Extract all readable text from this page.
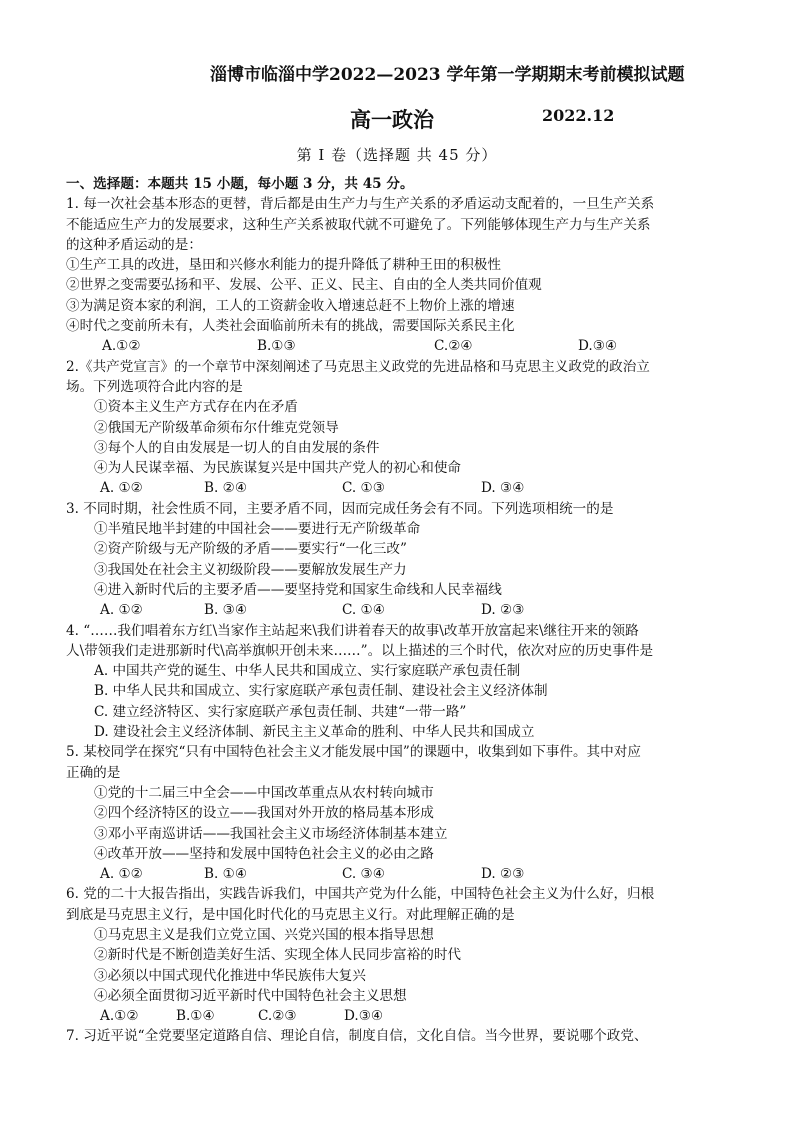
淄博市临淄中学2022—2023 学年第一学期期末考前模拟试题
高一政治	2022.12
第 I 卷（选择题 共 45 分）
一、选择题：本题共 15 小题，每小题 3 分，共 45 分。
1. 每一次社会基本形态的更替，背后都是由生产力与生产关系的矛盾运动支配着的，一旦生产关系
不能适应生产力的发展要求，这种生产关系被取代就不可避免了。下列能够体现生产力与生产关系
的这种矛盾运动的是：
①生产工具的改进，垦田和兴修水利能力的提升降低了耕种王田的积极性
②世界之变需要弘扬和平、发展、公平、正义、民主、自由的全人类共同价值观
③为满足资本家的利润，工人的工资薪金收入增速总赶不上物价上涨的增速
④时代之变前所未有，人类社会面临前所未有的挑战，需要国际关系民主化
A.①②	B.①③	C.②④	D.③④
2.《共产党宣言》的一个章节中深刻阐述了马克思主义政党的先进品格和马克思主义政党的政治立
场。下列选项符合此内容的是
①资本主义生产方式存在内在矛盾
②俄国无产阶级革命须布尔什维克党领导
③每个人的自由发展是一切人的自由发展的条件
④为人民谋幸福、为民族谋复兴是中国共产党人的初心和使命
A. ①②	B. ②④	C. ①③	D. ③④
3. 不同时期，社会性质不同，主要矛盾不同，因而完成任务会有不同。下列选项相统一的是
①半殖民地半封建的中国社会——要进行无产阶级革命
②资产阶级与无产阶级的矛盾——要实行“一化三改”
③我国处在社会主义初级阶段——要解放发展生产力
④进入新时代后的主要矛盾——要坚持党和国家生命线和人民幸福线
A. ①②	B. ③④	C. ①④	D. ②③
4. “……我们唱着东方红\当家作主站起来\我们讲着春天的故事\改革开放富起来\继往开来的领路
人\带领我们走进那新时代\高举旗帜开创未来……”。以上描述的三个时代，依次对应的历史事件是
A. 中国共产党的诞生、中华人民共和国成立、实行家庭联产承包责任制
B. 中华人民共和国成立、实行家庭联产承包责任制、建设社会主义经济体制
C. 建立经济特区、实行家庭联产承包责任制、共建“一带一路”
D. 建设社会主义经济体制、新民主主义革命的胜利、中华人民共和国成立
5. 某校同学在探究“只有中国特色社会主义才能发展中国”的课题中，收集到如下事件。其中对应
正确的是
①党的十二届三中全会——中国改革重点从农村转向城市
②四个经济特区的设立——我国对外开放的格局基本形成
③邓小平南巡讲话——我国社会主义市场经济体制基本建立
④改革开放——坚持和发展中国特色社会主义的必由之路
A. ①②	B. ①④	C. ③④	D. ②③
6. 党的二十大报告指出，实践告诉我们，中国共产党为什么能，中国特色社会主义为什么好，归根
到底是马克思主义行，是中国化时代化的马克思主义行。对此理解正确的是
①马克思主义是我们立党立国、兴党兴国的根本指导思想
②新时代是不断创造美好生活、实现全体人民同步富裕的时代
③必须以中国式现代化推进中华民族伟大复兴
④必须全面贯彻习近平新时代中国特色社会主义思想
A.①②	B.①④	C.②③	D.③④
7. 习近平说“全党要坚定道路自信、理论自信，制度自信，文化自信。当今世界，要说哪个政党、
